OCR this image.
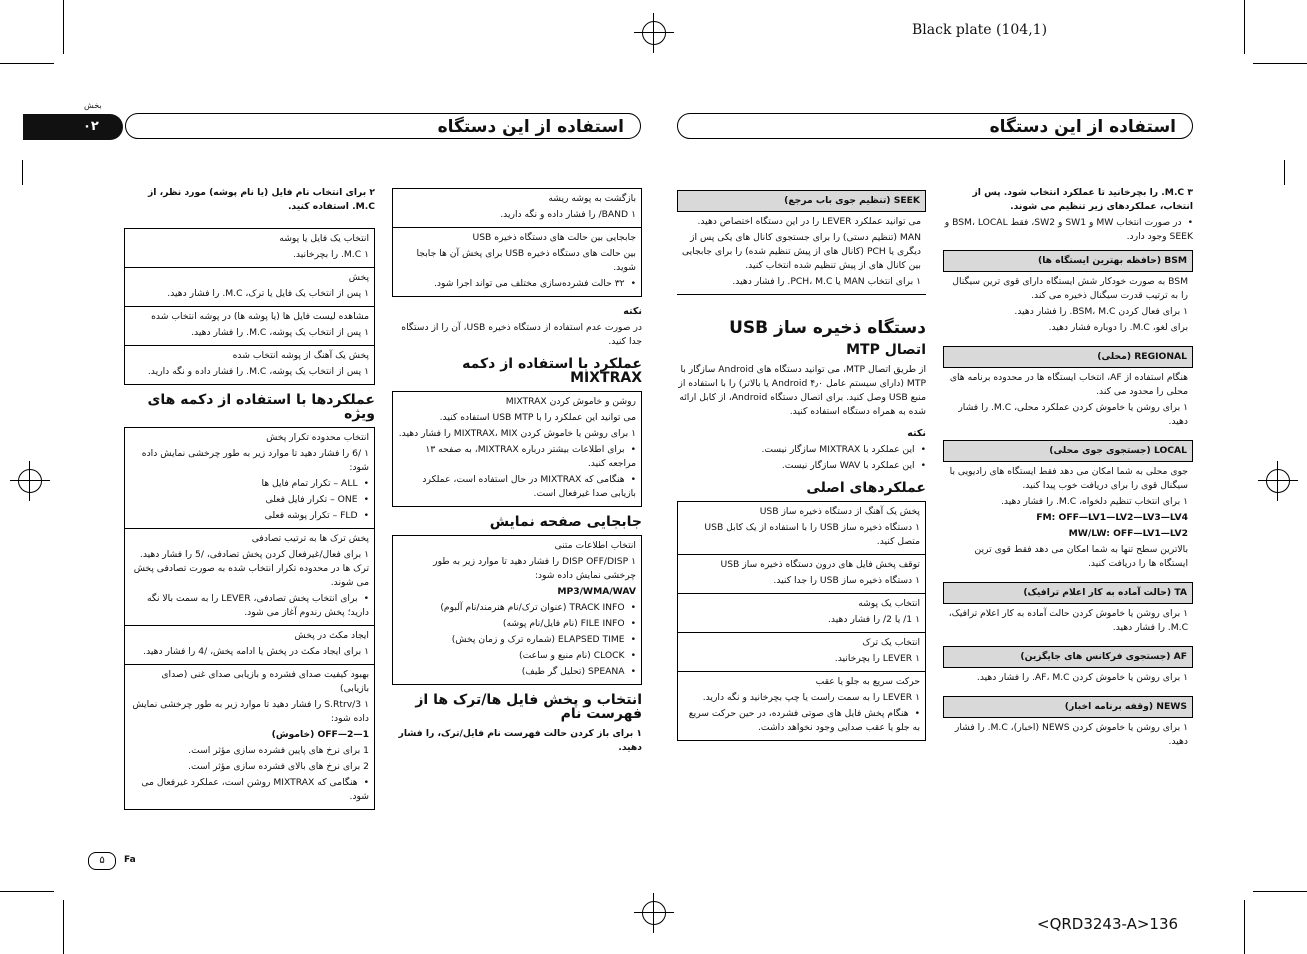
Black plate (104,1)
۰۲
بخش
استفاده از این دستگاه	استفاده از این دستگاه

۲ برای انتخاب نام فایل (یا نام پوشه) مورد نظر، از M.C. استفاده کنید.

انتخاب یک فایل یا پوشه

۱ M.C. را بچرخانید.

پخش

۱ پس از انتخاب یک فایل یا ترک، M.C. را فشار دهید.

مشاهده لیست فایل ها (یا پوشه ها) در پوشه انتخاب شده

۱ پس از انتخاب یک پوشه، M.C. را فشار دهید.

پخش یک آهنگ از پوشه انتخاب شده

۱ پس از انتخاب یک پوشه، M.C. را فشار داده و نگه دارید.

عملکردها با استفاده از دکمه های ویژه

انتخاب محدوده تکرار پخش

۱ /6 را فشار دهید تا موارد زیر به طور چرخشی نمایش داده شود:

• ALL – تکرار تمام فایل ها

• ONE – تکرار فایل فعلی

• FLD – تکرار پوشه فعلی

پخش ترک ها به ترتیب تصادفی

۱ برای فعال/غیرفعال کردن پخش تصادفی، /5 را فشار دهید. ترک ها در محدوده تکرار انتخاب شده به صورت تصادفی پخش می شوند.

• برای انتخاب پخش تصادفی، LEVER را به سمت بالا نگه دارید؛ پخش رندوم آغاز می شود.

ایجاد مکث در پخش

۱ برای ایجاد مکث در پخش یا ادامه پخش، /4 را فشار دهید.

بهبود کیفیت صدای فشرده و بازیابی صدای غنی (صدای بازیابی)

۱ S.Rtrv/3 را فشار دهید تا موارد زیر به طور چرخشی نمایش داده شود:

OFF—2—1 (خاموش)

1 برای نرخ های پایین فشرده سازی مؤثر است.

2 برای نرخ های بالای فشرده سازی مؤثر است.

• هنگامی که MIXTRAX روشن است، عملکرد غیرفعال می شود.

بازگشت به پوشه ریشه

۱ BAND/ را فشار داده و نگه دارید.

جابجایی بین حالت های دستگاه ذخیره USB

بین حالت های دستگاه ذخیره USB برای پخش آن ها جابجا شوید.

• ۳۲ حالت فشرده‌سازی مختلف می تواند اجرا شود.

نکته

در صورت عدم استفاده از دستگاه ذخیره USB، آن را از دستگاه جدا کنید.

عملکرد با استفاده از دکمه MIXTRAX

روشن و خاموش کردن MIXTRAX

می توانید این عملکرد را با USB MTP استفاده کنید.

۱ برای روشن یا خاموش کردن MIXTRAX، MIX را فشار دهید.

• برای اطلاعات بیشتر درباره MIXTRAX، به صفحه ۱۳ مراجعه کنید.

• هنگامی که MIXTRAX در حال استفاده است، عملکرد بازیابی صدا غیرفعال است.

جابجایی صفحه نمایش

انتخاب اطلاعات متنی

۱ DISP OFF/DISP را فشار دهید تا موارد زیر به طور چرخشی نمایش داده شود:

MP3/WMA/WAV

• TRACK INFO (عنوان ترک/نام هنرمند/نام آلبوم)

• FILE INFO (نام فایل/نام پوشه)

• ELAPSED TIME (شماره ترک و زمان پخش)

• CLOCK (نام منبع و ساعت)

• SPEANA (تحلیل گر طیف)

انتخاب و پخش فایل ها/ترک ها از فهرست نام

۱ برای باز کردن حالت فهرست نام فایل/ترک، را فشار دهید.

SEEK (تنظیم جوی باب مرجع)

می توانید عملکرد LEVER را در این دستگاه اختصاص دهید.

MAN (تنظیم دستی) را برای جستجوی کانال های یکی پس از دیگری یا PCH (کانال های از پیش تنظیم شده) را برای جابجایی بین کانال های از پیش تنظیم شده انتخاب کنید.

۱ برای انتخاب MAN یا PCH، M.C. را فشار دهید.

دستگاه ذخیره ساز USB
اتصال MTP

از طریق اتصال MTP، می توانید دستگاه های Android سازگار با MTP (دارای سیستم عامل Android ۴٫۰ یا بالاتر) را با استفاده از منبع USB وصل کنید. برای اتصال دستگاه Android، از کابل ارائه شده به همراه دستگاه استفاده کنید.

نکته

• این عملکرد با MIXTRAX سازگار نیست.

• این عملکرد با WAV سازگار نیست.

عملکردهای اصلی

پخش یک آهنگ از دستگاه ذخیره ساز USB

۱ دستگاه ذخیره ساز USB را با استفاده از یک کابل USB متصل کنید.

توقف پخش فایل های درون دستگاه ذخیره ساز USB

۱ دستگاه ذخیره ساز USB را جدا کنید.

انتخاب یک پوشه

۱ 1/ یا 2/ را فشار دهید.

انتخاب یک ترک

۱ LEVER را بچرخانید.

حرکت سریع به جلو یا عقب

۱ LEVER را به سمت راست یا چپ بچرخانید و نگه دارید.

• هنگام پخش فایل های صوتی فشرده، در حین حرکت سریع به جلو یا عقب صدایی وجود نخواهد داشت.

۳ M.C. را بچرخانید تا عملکرد انتخاب شود. پس از انتخاب، عملکردهای زیر تنظیم می شوند.

• در صورت انتخاب MW و SW1 و SW2، فقط BSM، LOCAL و SEEK وجود دارد.

BSM (حافظه بهترین ایستگاه ها)

BSM به صورت خودکار شش ایستگاه دارای قوی ترین سیگنال را به ترتیب قدرت سیگنال ذخیره می کند.

۱ برای فعال کردن BSM، M.C. را فشار دهید.

برای لغو، M.C. را دوباره فشار دهید.

REGIONAL (محلی)

هنگام استفاده از AF، انتخاب ایستگاه ها در محدوده برنامه های محلی را محدود می کند.

۱ برای روشن یا خاموش کردن عملکرد محلی، M.C. را فشار دهید.

LOCAL (جستجوی جوی محلی)

جوی محلی به شما امکان می دهد فقط ایستگاه های رادیویی با سیگنال قوی را برای دریافت خوب پیدا کنید.

۱ برای انتخاب تنظیم دلخواه، M.C. را فشار دهید.

FM: OFF—LV1—LV2—LV3—LV4

MW/LW: OFF—LV1—LV2

بالاترین سطح تنها به شما امکان می دهد فقط قوی ترین ایستگاه ها را دریافت کنید.

TA (حالت آماده به کار اعلام ترافیک)

۱ برای روشن یا خاموش کردن حالت آماده به کار اعلام ترافیک، M.C. را فشار دهید.

AF (جستجوی فرکانس های جایگزین)

۱ برای روشن یا خاموش کردن AF، M.C. را فشار دهید.

NEWS (وقفه برنامه اخبار)

۱ برای روشن یا خاموش کردن NEWS (اخبار)، M.C. را فشار دهید.

۵	Fa
<QRD3243-A>136
